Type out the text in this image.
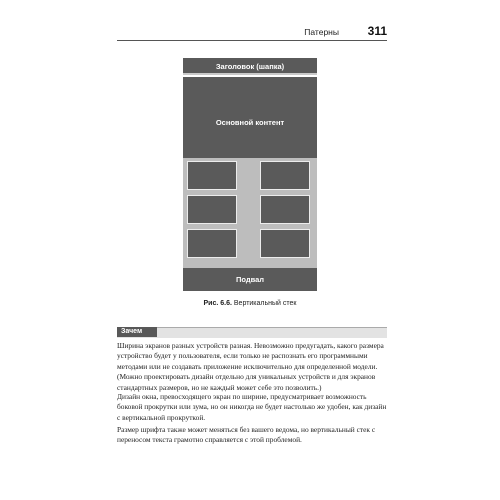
Патерны 311
Заголовок (шапка)
Основной контент
Подвал
Рис. 6.6. Вертикальный стек
Зачем

Ширина экранов разных устройств разная. Невозможно предугадать, какого размера устройство будет у пользователя, если только не распознать его программными методами или не создавать приложение исключительно для определенной модели. (Можно проектировать дизайн отдельно для уникальных устройств и для экранов стандартных размеров, но не каждый может себе это позволить.)

Дизайн окна, превосходящего экран по ширине, предусматривает возможность боковой прокрутки или зума, но он никогда не будет настолько же удобен, как дизайн с вертикальной прокруткой.

Размер шрифта также может меняться без вашего ведома, но вертикальный стек с переносом текста грамотно справляется с этой проблемой.
